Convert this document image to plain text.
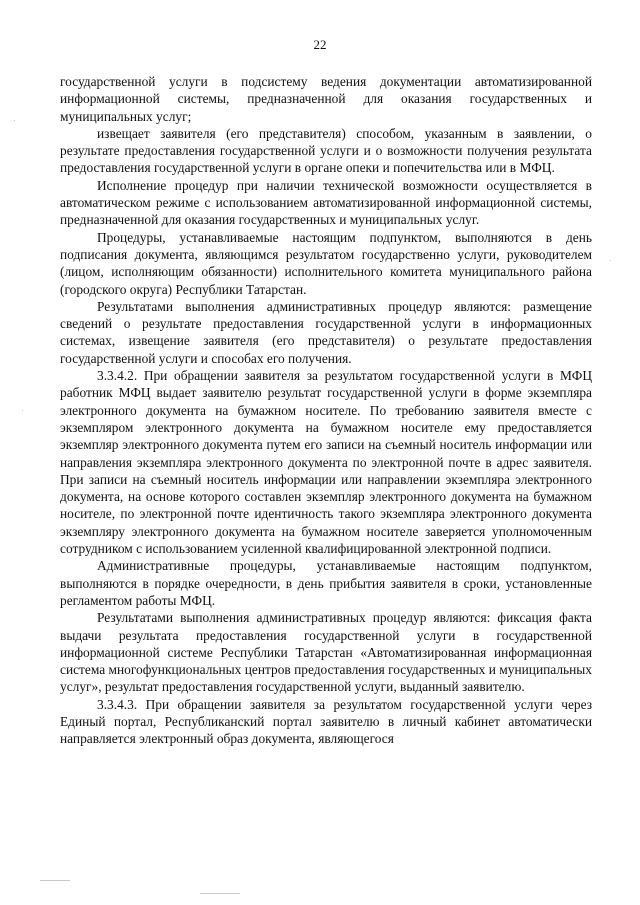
22

государственной услуги в подсистему ведения документации автоматизированной информационной системы, предназначенной для оказания государственных и муниципальных услуг;

извещает заявителя (его представителя) способом, указанным в заявлении, о результате предоставления государственной услуги и о возможности получения результата предоставления государственной услуги в органе опеки и попечительства или в МФЦ.

Исполнение процедур при наличии технической возможности осуществляется в автоматическом режиме с использованием автоматизированной информационной системы, предназначенной для оказания государственных и муниципальных услуг.

Процедуры, устанавливаемые настоящим подпунктом, выполняются в день подписания документа, являющимся результатом государственно услуги, руководителем (лицом, исполняющим обязанности) исполнительного комитета муниципального района (городского округа) Республики Татарстан.

Результатами выполнения административных процедур являются: размещение сведений о результате предоставления государственной услуги в информационных системах, извещение заявителя (его представителя) о результате предоставления государственной услуги и способах его получения.

3.3.4.2. При обращении заявителя за результатом государственной услуги в МФЦ работник МФЦ выдает заявителю результат государственной услуги в форме экземпляра электронного документа на бумажном носителе. По требованию заявителя вместе с экземпляром электронного документа на бумажном носителе ему предоставляется экземпляр электронного документа путем его записи на съемный носитель информации или направления экземпляра электронного документа по электронной почте в адрес заявителя. При записи на съемный носитель информации или направлении экземпляра электронного документа, на основе которого составлен экземпляр электронного документа на бумажном носителе, по электронной почте идентичность такого экземпляра электронного документа экземпляру электронного документа на бумажном носителе заверяется уполномоченным сотрудником с использованием усиленной квалифицированной электронной подписи.

Административные процедуры, устанавливаемые настоящим подпунктом, выполняются в порядке очередности, в день прибытия заявителя в сроки, установленные регламентом работы МФЦ.

Результатами выполнения административных процедур являются: фиксация факта выдачи результата предоставления государственной услуги в государственной информационной системе Республики Татарстан «Автоматизированная информационная система многофункциональных центров предоставления государственных и муниципальных услуг», результат предоставления государственной услуги, выданный заявителю.

3.3.4.3. При обращении заявителя за результатом государственной услуги через Единый портал, Республиканский портал заявителю в личный кабинет автоматически направляется электронный образ документа, являющегося
